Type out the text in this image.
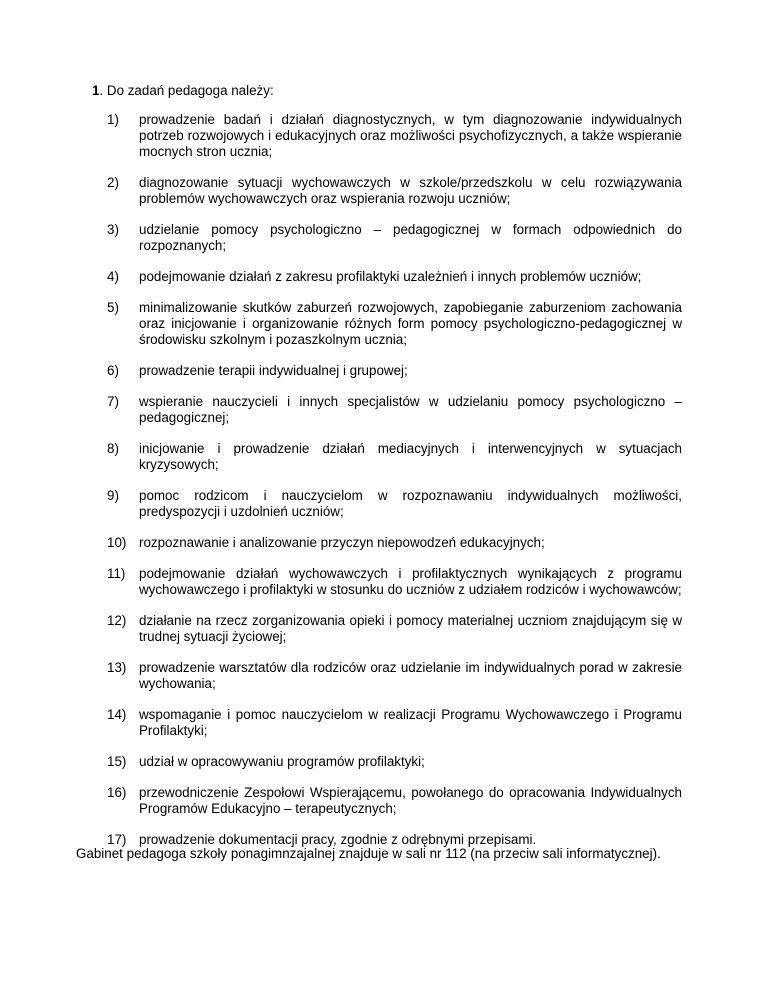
1. Do zadań pedagoga należy:
1)	prowadzenie badań i działań diagnostycznych, w tym diagnozowanie indywidualnych potrzeb rozwojowych i edukacyjnych oraz możliwości psychofizycznych, a także wspieranie mocnych stron ucznia;
2)	diagnozowanie sytuacji wychowawczych w szkole/przedszkolu w celu rozwiązywania problemów wychowawczych oraz wspierania rozwoju uczniów;
3)	udzielanie pomocy psychologiczno – pedagogicznej w formach odpowiednich do rozpoznanych;
4)	podejmowanie działań z zakresu profilaktyki uzależnień i innych problemów uczniów;
5)	minimalizowanie skutków zaburzeń rozwojowych, zapobieganie zaburzeniom zachowania oraz inicjowanie i organizowanie różnych form pomocy psychologiczno-pedagogicznej w środowisku szkolnym i pozaszkolnym ucznia;
6)	prowadzenie terapii indywidualnej i grupowej;
7)	wspieranie nauczycieli i innych specjalistów w udzielaniu pomocy psychologiczno – pedagogicznej;
8)	inicjowanie i prowadzenie działań mediacyjnych i interwencyjnych w sytuacjach kryzysowych;
9)	pomoc rodzicom i nauczycielom w rozpoznawaniu indywidualnych możliwości, predyspozycji i uzdolnień uczniów;
10) rozpoznawanie i analizowanie przyczyn niepowodzeń edukacyjnych;
11)	podejmowanie działań wychowawczych i profilaktycznych wynikających z programu wychowawczego i profilaktyki w stosunku do uczniów z udziałem rodziców i wychowawców;
12) działanie na rzecz zorganizowania opieki i pomocy materialnej uczniom znajdującym się w trudnej sytuacji życiowej;
13) prowadzenie warsztatów dla rodziców oraz udzielanie im indywidualnych porad w zakresie wychowania;
14) wspomaganie i pomoc nauczycielom w realizacji Programu Wychowawczego i Programu Profilaktyki;
15) udział w opracowywaniu programów profilaktyki;
16) przewodniczenie Zespołowi Wspierającemu, powołanego do opracowania Indywidualnych Programów Edukacyjno – terapeutycznych;
17) prowadzenie dokumentacji pracy, zgodnie z odrębnymi przepisami.
Gabinet pedagoga szkoły ponagimnzajalnej znajduje w sali nr 112 (na przeciw sali informatycznej).
